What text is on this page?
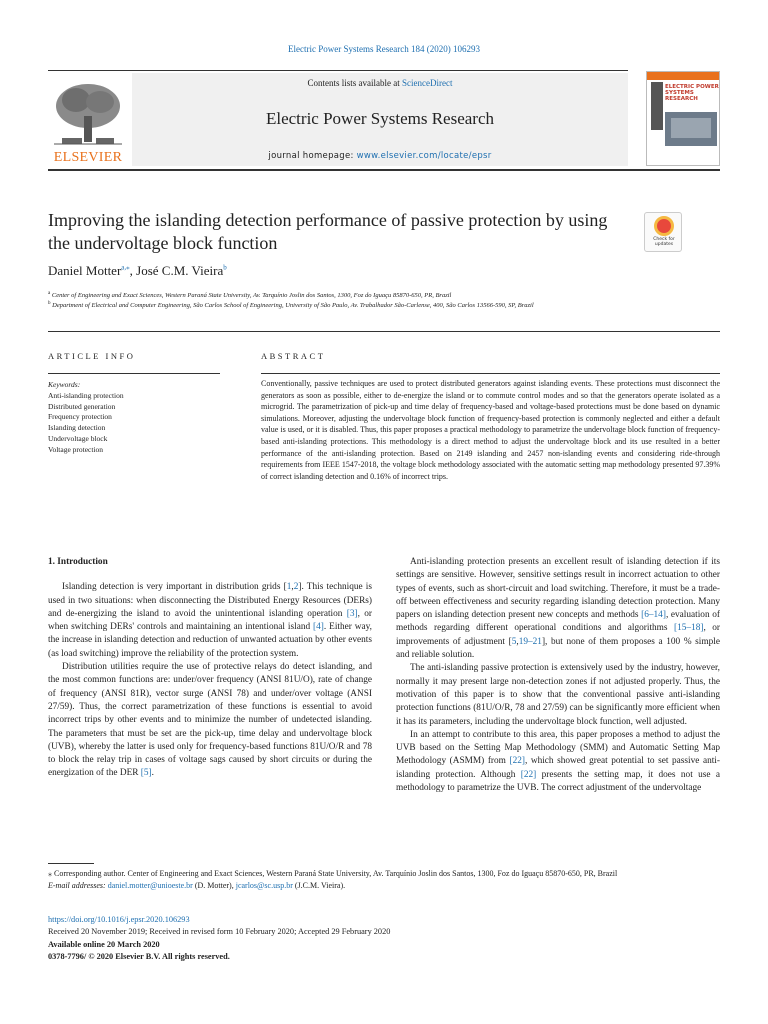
Electric Power Systems Research 184 (2020) 106293
ELSEVIER
Contents lists available at ScienceDirect
Electric Power Systems Research
journal homepage: www.elsevier.com/locate/epsr
ELECTRIC POWER SYSTEMS RESEARCH
Improving the islanding detection performance of passive protection by using the undervoltage block function	Check for updates
Daniel Motter$^{a,⁎}$, José C.M. Vieira$^b$
$^a$ Center of Engineering and Exact Sciences, Western Paraná State University, Av. Tarquínio Joslin dos Santos, 1300, Foz do Iguaçu 85870-650, PR, Brazil
$^b$ Department of Electrical and Computer Engineering, São Carlos School of Engineering, University of São Paulo, Av. Trabalhador São-Carlense, 400, São Carlos 13566-590, SP, Brazil
ARTICLE INFO	ABSTRACT
Keywords:
Anti-islanding protection
Distributed generation
Frequency protection
Islanding detection
Undervoltage block
Voltage protection
Conventionally, passive techniques are used to protect distributed generators against islanding events. These protections must disconnect the generators as soon as possible, either to de-energize the island or to commute control modes and so that the generators operate isolated as a microgrid. The parametrization of pick-up and time delay of frequency-based and voltage-based protections must be done based on dynamic simulations. Moreover, adjusting the undervoltage block function of frequency-based protection is commonly neglected and either a default value is used, or it is disabled. Thus, this paper proposes a practical methodology to parametrize the undervoltage block function of frequency-based anti-islanding protections. This methodology is a direct method to adjust the undervoltage block and its use resulted in a better performance of the anti-islanding protection. Based on 2149 islanding and 2457 non-islanding events and considering ride-through requirements from IEEE 1547-2018, the voltage block methodology associated with the automatic setting map methodology presented 97.39% of correct islanding detection and 0.16% of incorrect trips.
1. Introduction

Islanding detection is very important in distribution grids [1,2]. This technique is used in two situations: when disconnecting the Distributed Energy Resources (DERs) and de-energizing the island to avoid the unintentional islanding operation [3], or when switching DERs' controls and maintaining an intentional island [4]. Either way, the increase in islanding detection and reduction of unwanted actuation by other events (as load switching) improve the reliability of the protection system.

Distribution utilities require the use of protective relays do detect islanding, and the most common functions are: under/over frequency (ANSI 81U/O), rate of change of frequency (ANSI 81R), vector surge (ANSI 78) and under/over voltage (ANSI 27/59). Thus, the correct parametrization of these functions is essential to avoid incorrect trips by other events and to minimize the number of undetected islanding. The parameters that must be set are the pick-up, time delay and undervoltage block (UVB), whereby the latter is used only for frequency-based functions 81U/O/R and 78 to block the relay trip in cases of voltage sags caused by short circuits or during the energization of the DER [5].

Anti-islanding protection presents an excellent result of islanding detection if its settings are sensitive. However, sensitive settings result in incorrect actuation to other types of events, such as short-circuit and load switching. Therefore, it must be a trade-off between effectiveness and security regarding islanding detection protection. Many papers on islanding detection present new concepts and methods [6–14], evaluation of methods regarding different operational conditions and algorithms [15–18], or improvements of adjustment [5,19–21], but none of them proposes a 100 % simple and reliable solution.

The anti-islanding passive protection is extensively used by the industry, however, normally it may present large non-detection zones if not adjusted properly. Thus, the motivation of this paper is to show that the conventional passive anti-islanding protection functions (81U/O/R, 78 and 27/59) can be significantly more efficient when it has its parameters, including the undervoltage block function, well adjusted.

In an attempt to contribute to this area, this paper proposes a method to adjust the UVB based on the Setting Map Methodology (SMM) and Automatic Setting Map Methodology (ASMM) from [22], which showed great potential to set passive anti-islanding protection. Although [22] presents the setting map, it does not use a methodology to parametrize the UVB. The correct adjustment of the undervoltage

⁎ Corresponding author. Center of Engineering and Exact Sciences, Western Paraná State University, Av. Tarquínio Joslin dos Santos, 1300, Foz do Iguaçu 85870-650, PR, Brazil
E-mail addresses: daniel.motter@unioeste.br (D. Motter), jcarlos@sc.usp.br (J.C.M. Vieira).
https://doi.org/10.1016/j.epsr.2020.106293
Received 20 November 2019; Received in revised form 10 February 2020; Accepted 29 February 2020
Available online 20 March 2020
0378-7796/ © 2020 Elsevier B.V. All rights reserved.
